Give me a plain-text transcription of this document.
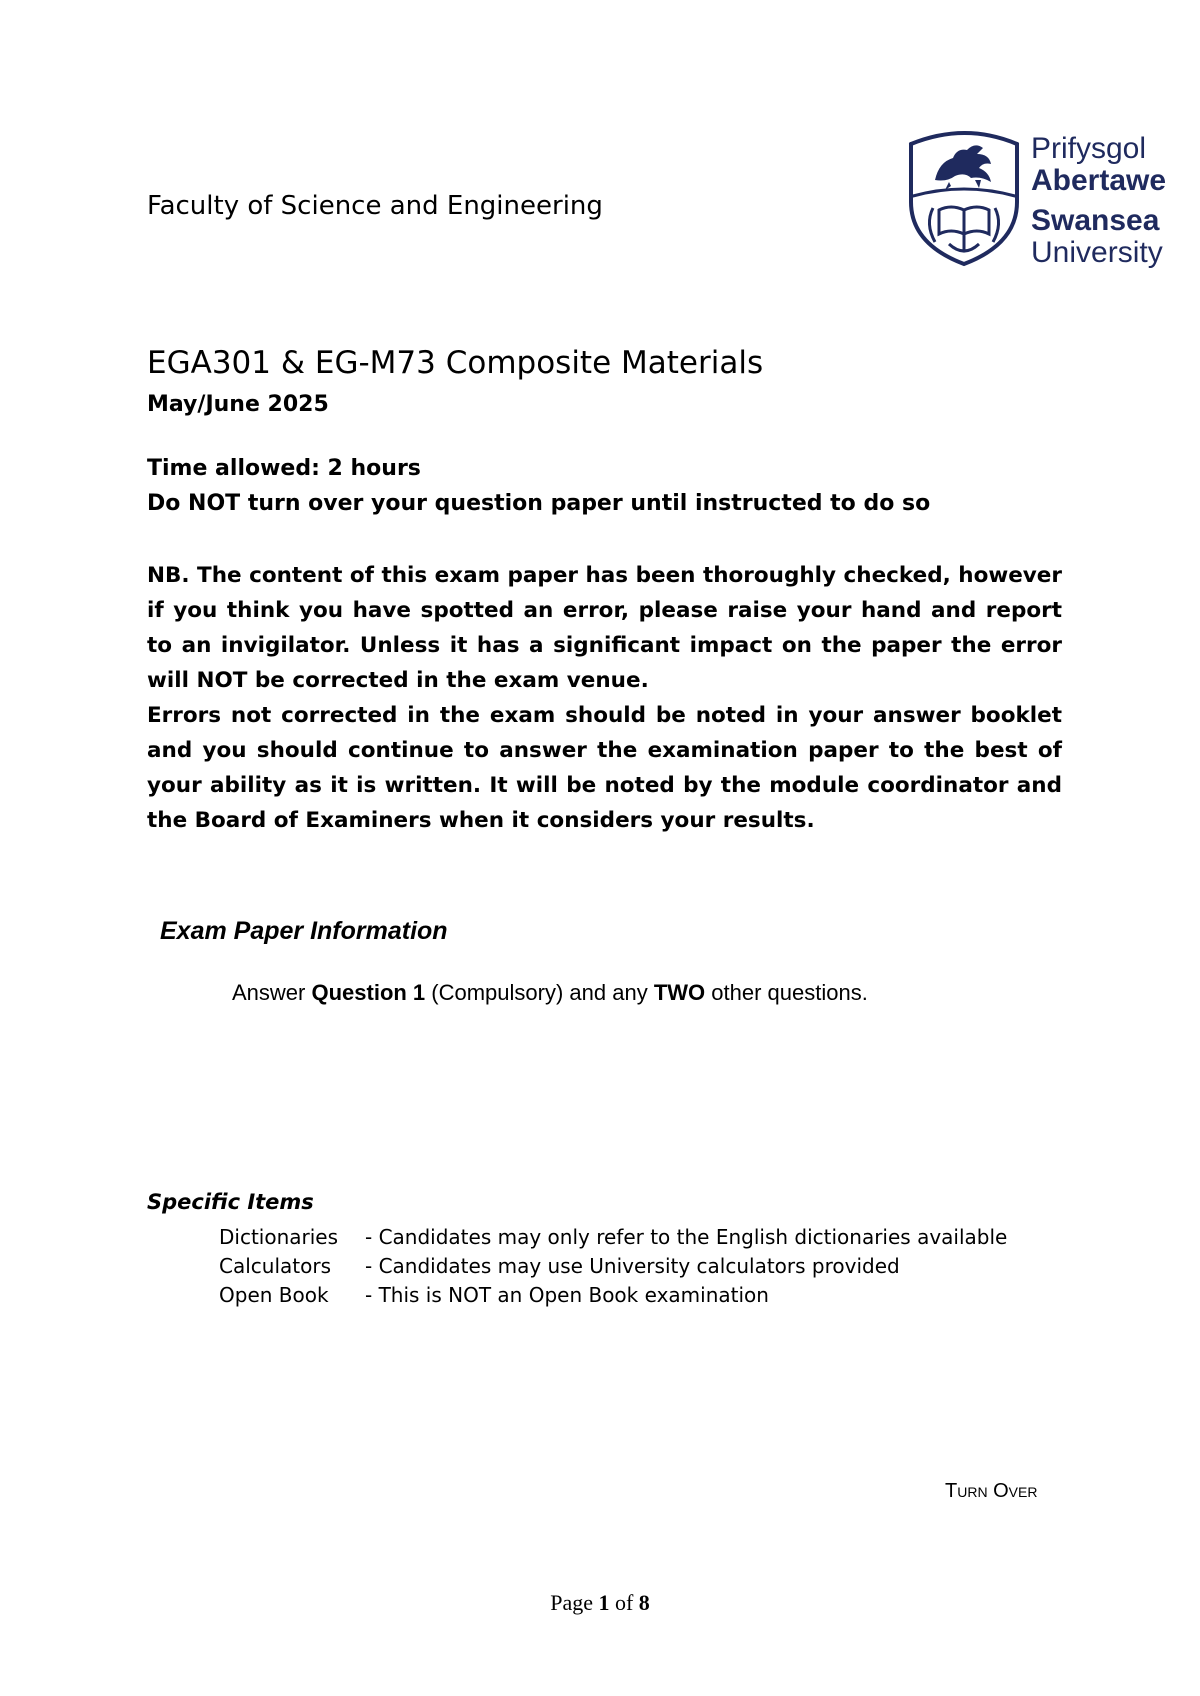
Faculty of Science and Engineering
Prifysgol
Abertawe
Swansea
University
EGA301 & EG-M73 Composite Materials
May/June 2025
Time allowed: 2 hours
Do NOT turn over your question paper until instructed to do so

NB. The content of this exam paper has been thoroughly checked, however if you think you have spotted an error, please raise your hand and report to an invigilator. Unless it has a significant impact on the paper the error will NOT be corrected in the exam venue.

Errors not corrected in the exam should be noted in your answer booklet and you should continue to answer the examination paper to the best of your ability as it is written. It will be noted by the module coordinator and the Board of Examiners when it considers your results.

Exam Paper Information
Answer Question 1 (Compulsory) and any TWO other questions.
Specific Items
Dictionaries - Candidates may only refer to the English dictionaries available
Calculators - Candidates may use University calculators provided
Open Book - This is NOT an Open Book examination
Turn Over
Page 1 of 8
